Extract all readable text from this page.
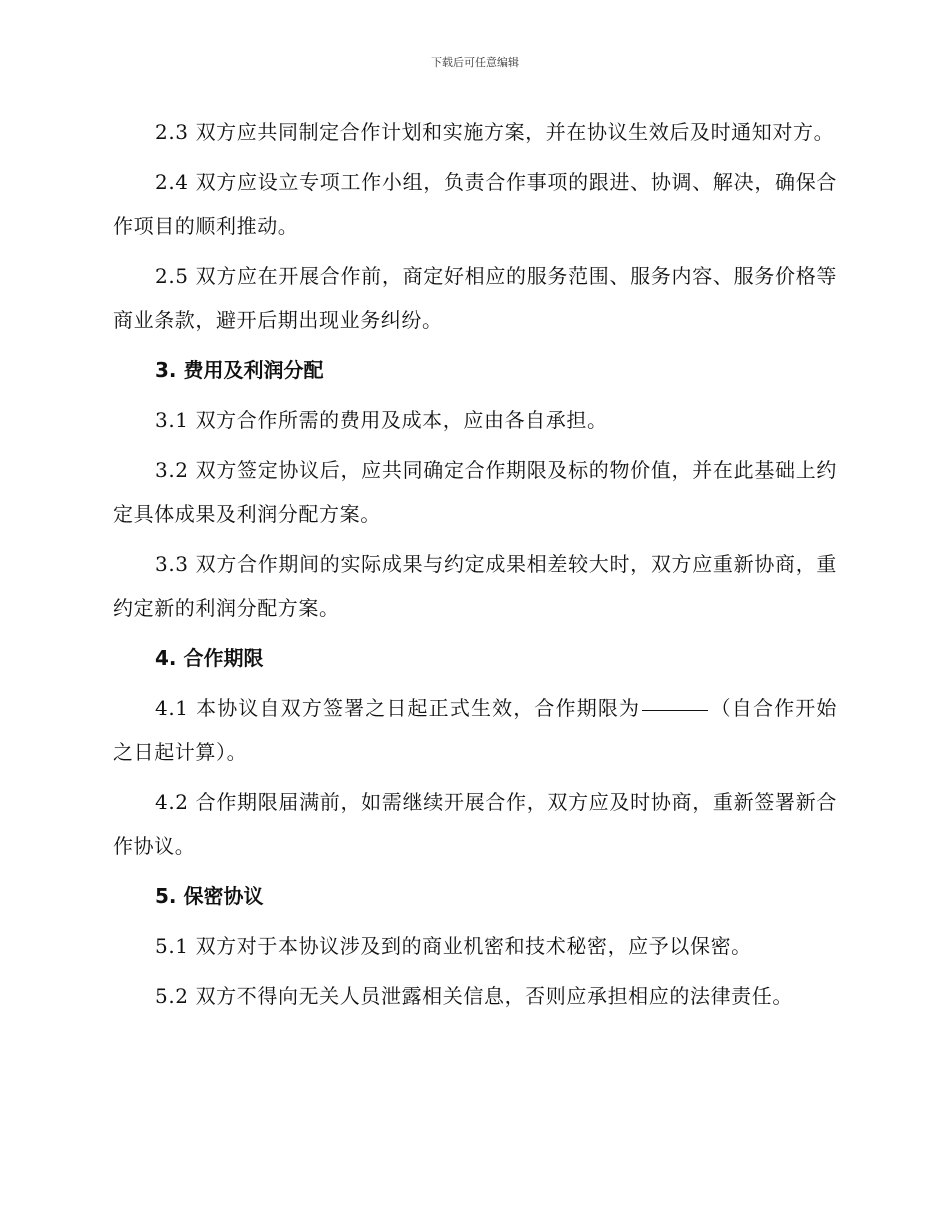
下载后可任意编辑

2.3 双方应共同制定合作计划和实施方案，并在协议生效后及时通知对方。

2.4 双方应设立专项工作小组，负责合作事项的跟进、协调、解决，确保合作项目的顺利推动。

2.5 双方应在开展合作前，商定好相应的服务范围、服务内容、服务价格等商业条款，避开后期出现业务纠纷。

3. 费用及利润分配

3.1 双方合作所需的费用及成本，应由各自承担。

3.2 双方签定协议后，应共同确定合作期限及标的物价值，并在此基础上约定具体成果及利润分配方案。

3.3 双方合作期间的实际成果与约定成果相差较大时，双方应重新协商，重约定新的利润分配方案。

4. 合作期限

4.1 本协议自双方签署之日起正式生效，合作期限为	（自合作开始之日起计算）。

4.2 合作期限届满前，如需继续开展合作，双方应及时协商，重新签署新合作协议。

5. 保密协议

5.1 双方对于本协议涉及到的商业机密和技术秘密，应予以保密。

5.2 双方不得向无关人员泄露相关信息，否则应承担相应的法律责任。
